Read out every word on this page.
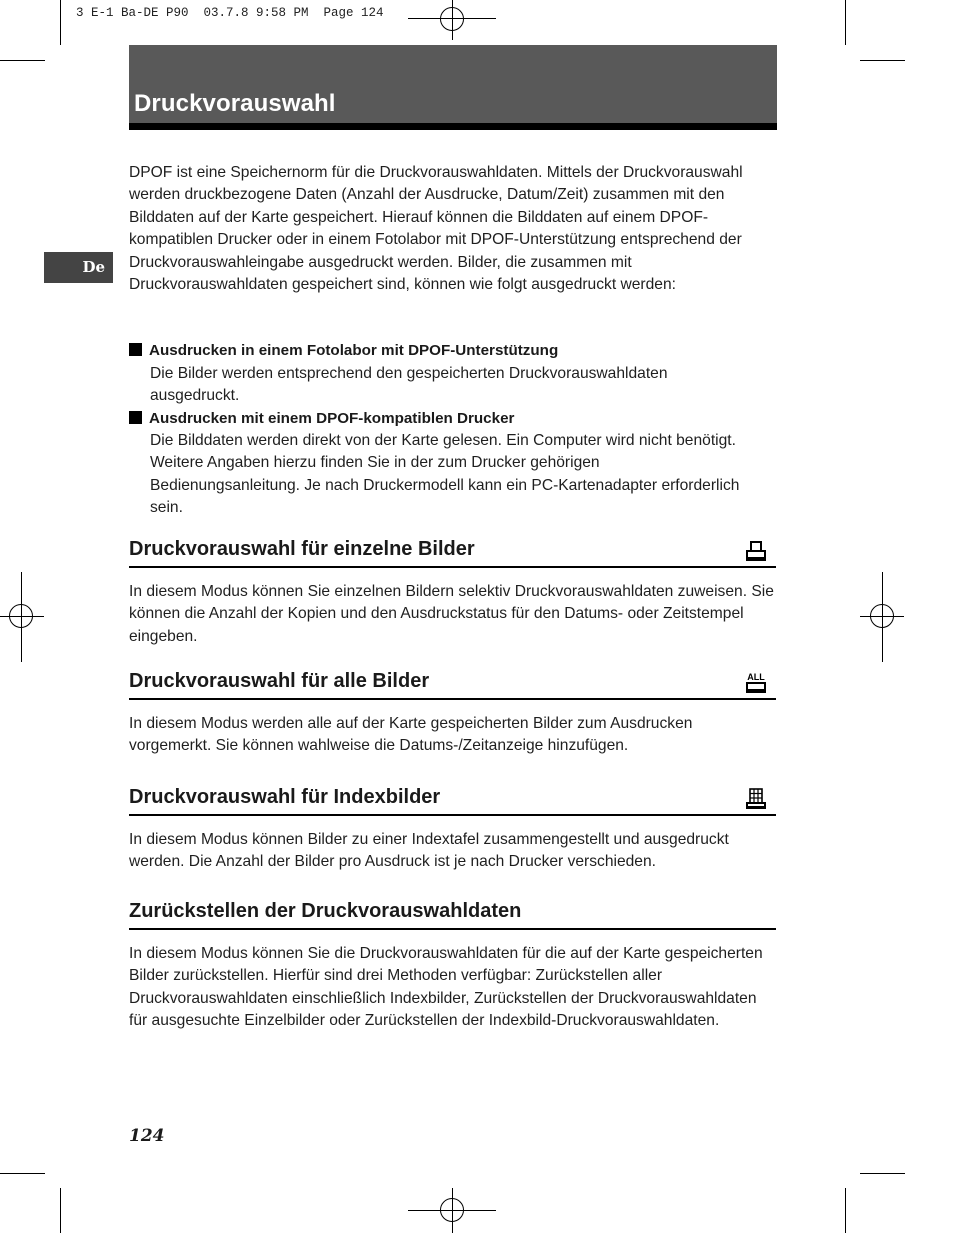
3 E-1 Ba-DE P90  03.7.8 9:58 PM  Page 124
Druckvorauswahl
De

DPOF ist eine Speichernorm für die Druckvorauswahldaten. Mittels der Druckvorauswahl werden druckbezogene Daten (Anzahl der Ausdrucke, Datum/Zeit) zusammen mit den Bilddaten auf der Karte gespeichert. Hierauf können die Bilddaten auf einem DPOF-kompatiblen Drucker oder in einem Fotolabor mit DPOF-Unterstützung entsprechend der Druckvorauswahleingabe ausgedruckt werden. Bilder, die zusammen mit Druckvorauswahldaten gespeichert sind, können wie folgt ausgedruckt werden:

Ausdrucken in einem Fotolabor mit DPOF-Unterstützung

Die Bilder werden entsprechend den gespeicherten Druckvorauswahldaten ausgedruckt.

Ausdrucken mit einem DPOF-kompatiblen Drucker

Die Bilddaten werden direkt von der Karte gelesen. Ein Computer wird nicht benötigt. Weitere Angaben hierzu finden Sie in der zum Drucker gehörigen Bedienungsanleitung. Je nach Druckermodell kann ein PC-Kartenadapter erforderlich sein.

Druckvorauswahl für einzelne Bilder

In diesem Modus können Sie einzelnen Bildern selektiv Druckvorauswahldaten zuweisen. Sie können die Anzahl der Kopien und den Ausdruckstatus für den Datums- oder Zeitstempel eingeben.

Druckvorauswahl für alle Bilder	ALL

In diesem Modus werden alle auf der Karte gespeicherten Bilder zum Ausdrucken vorgemerkt. Sie können wahlweise die Datums-/Zeitanzeige hinzufügen.

Druckvorauswahl für Indexbilder

In diesem Modus können Bilder zu einer Indextafel zusammengestellt und ausgedruckt werden. Die Anzahl der Bilder pro Ausdruck ist je nach Drucker verschieden.

Zurückstellen der Druckvorauswahldaten

In diesem Modus können Sie die Druckvorauswahldaten für die auf der Karte gespeicherten Bilder zurückstellen. Hierfür sind drei Methoden verfügbar: Zurückstellen aller Druckvorauswahldaten einschließlich Indexbilder, Zurückstellen der Druckvorauswahldaten für ausgesuchte Einzelbilder oder Zurückstellen der Indexbild-Druckvorauswahldaten.

124
